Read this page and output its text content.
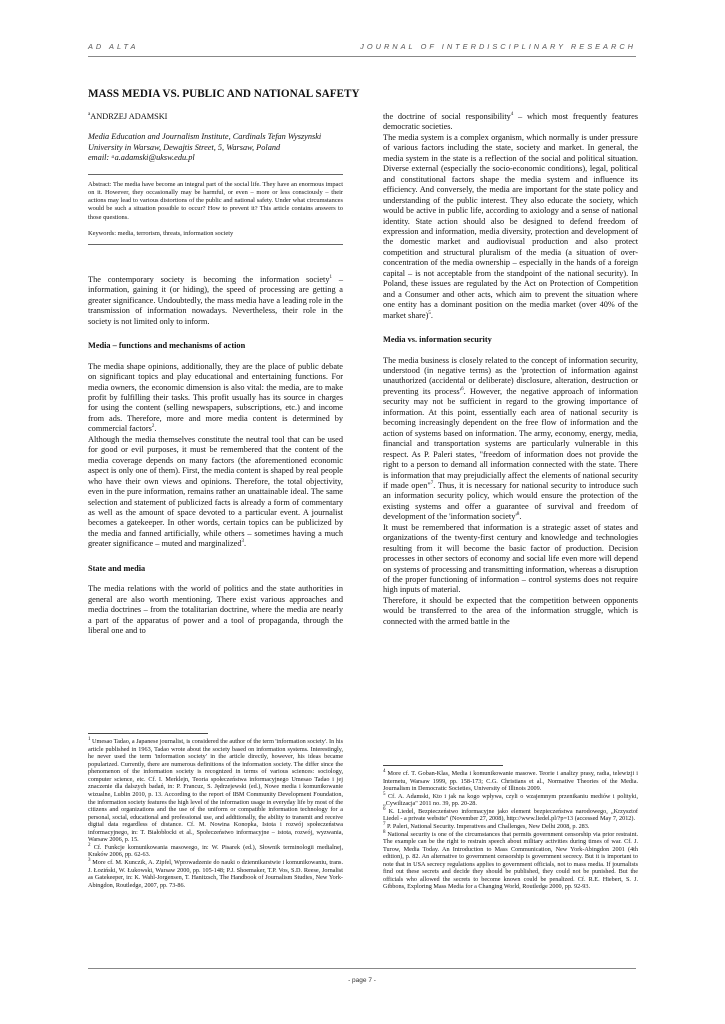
AD ALTA	JOURNAL OF INTERDISCIPLINARY RESEARCH
MASS MEDIA VS. PUBLIC AND NATIONAL SAFETY
$^a$ANDRZEJ ADAMSKI
Media Education and Journalism Institute, Cardinals Tefan Wyszynski University in Warsaw, Dewajtis Street, 5, Warsaw, Poland
email: ᵃa.adamski@uksw.edu.pl

Abstract: The media have become an integral part of the social life. They have an enormous impact on it. However, they occasionally may be harmful, or even – more or less consciously – their actions may lead to various distortions of the public and national safety. Under what circumstances would be such a situation possible to occur? How to prevent it? This article contains answers to those questions.

Keywords: media, terrorism, threats, information society

The contemporary society is becoming the information society$^1$ – information, gaining it (or hiding), the speed of processing are getting a greater significance. Undoubtedly, the mass media have a leading role in the transmission of information nowadays. Nevertheless, their role in the society is not limited only to inform.

Media – functions and mechanisms of action

The media shape opinions, additionally, they are the place of public debate on significant topics and play educational and entertaining functions. For media owners, the economic dimension is also vital: the media, are to make profit by fulfilling their tasks. This profit usually has its source in charges for using the content (selling newspapers, subscriptions, etc.) and income from ads. Therefore, more and more media content is determined by commercial factors$^2$.

Although the media themselves constitute the neutral tool that can be used for good or evil purposes, it must be remembered that the content of the media coverage depends on many factors (the aforementioned economic aspect is only one of them). First, the media content is shaped by real people who have their own views and opinions. Therefore, the total objectivity, even in the pure information, remains rather an unattainable ideal. The same selection and statement of publicized facts is already a form of commentary as well as the amount of space devoted to a particular event. A journalist becomes a gatekeeper. In other words, certain topics can be publicized by the media and fanned artificially, while others – sometimes having a much greater significance – muted and marginalized$^3$.

State and media

The media relations with the world of politics and the state authorities in general are also worth mentioning. There exist various approaches and media doctrines – from the totalitarian doctrine, where the media are nearly a part of the apparatus of power and a tool of propaganda, through the liberal one and to

the doctrine of social responsibility$^4$ – which most frequently features democratic societies.

The media system is a complex organism, which normally is under pressure of various factors including the state, society and market. In general, the media system in the state is a reflection of the social and political situation. Diverse external (especially the socio-economic conditions), legal, political and constitutional factors shape the media system and influence its efficiency. And conversely, the media are important for the state policy and understanding of the public interest. They also educate the society, which would be active in public life, according to axiology and a sense of national identity. State action should also be designed to defend freedom of expression and information, media diversity, protection and development of the domestic market and audiovisual production and also protect competition and structural pluralism of the media (a situation of over-concentration of the media ownership – especially in the hands of a foreign capital – is not acceptable from the standpoint of the national security). In Poland, these issues are regulated by the Act on Protection of Competition and a Consumer and other acts, which aim to prevent the situation where one entity has a dominant position on the media market (over 40% of the market share)$^5$.

Media vs. information security

The media business is closely related to the concept of information security, understood (in negative terms) as the 'protection of information against unauthorized (accidental or deliberate) disclosure, alteration, destruction or preventing its $process'^6$. However, the negative approach of information security may not be sufficient in regard to the growing importance of information. At this point, essentially each area of national security is becoming increasingly dependent on the free flow of information and the action of systems based on information. The army, economy, energy, media, financial and transportation systems are particularly vulnerable in this respect. As P. Paleri states, "freedom of information does not provide the right to a person to demand all information connected with the state. There is information that may prejudicially affect the elements of national security if made open"$^7$. Thus, it is necessary for national security to introduce such an information security policy, which would ensure the protection of the existing systems and offer a guarantee of survival and freedom of development of the 'information $society'^8$.

It must be remembered that information is a strategic asset of states and organizations of the twenty-first century and knowledge and technologies resulting from it will become the basic factor of production. Decision processes in other sectors of economy and social life even more will depend on systems of processing and transmitting information, whereas a disruption of the proper functioning of information – control systems does not require high inputs of material.

Therefore, it should be expected that the competition between opponents would be transferred to the area of the information struggle, which is connected with the armed battle in the

$^1$ Umesao Tadao, a Japanese journalist, is considered the author of the term 'information society'. In his article published in 1963, Tadao wrote about the society based on information systems. Interestingly, he never used the term 'information society' in the article directly, however, his ideas became popularized. Currently, there are numerous definitions of the information society. The differ since the phenomenon of the information society is recognized in terms of various sciences: sociology, computer science, etc. Cf. I. Merklejn, Teoria społeczeństwa informacyjnego Umesao Tadao i jej znaczenie dla dalszych badań, in: P. Francuz, S. Jędrzejewski (ed.), Nowe media i komunikowanie wizualne, Lublin 2010, p. 13. According to the report of IBM Community Development Foundation, the information society features the high level of the information usage in everyday life by most of the citizens and organizations and the use of the uniform or compatible information technology for a personal, social, educational and professional use, and additionally, the ability to transmit and receive digital data regardless of distance. Cf. M. Nowina Konopka, Istota i rozwój społeczeństwa informacyjnego, in: T. Białobłocki et al., Społeczeństwo informacyjne – istota, rozwój, wyzwania, Warsaw 2006, p. 15.

$^2$ Cf. Funkcje komunikowania masowego, in: W. Pisarek (ed.), Słownik terminologii medialnej, Kraków 2006, pp. 62-63.

$^3$ More cf. M. Kunczik, A. Zipfel, Wprowadzenie do nauki o dziennikarstwie i komunikowaniu, trans. J. Łoziński, W. Łukowski, Warsaw 2000, pp. 105-148; P.J. Shoemaker, T.P. Vos, S.D. Reese, Jornalist as Gatekeeper, in: K. Wahl-Jorgensen, T. Hanitzsch, The Handbook of Journalism Studies, New York-Abingdon, Routledge, 2007, pp. 73-86.

$^4$ More cf. T. Goban-Klas, Media i komunikowanie masowe. Teorie i analizy prasy, radia, telewizji i Internetu, Warsaw 1999, pp. 158-173; C.G. Christians et al., Normative Theories of the Media. Journalism in Democratic Societies, University of Illinois 2009.

$^5$ Cf. A. Adamski, Kto i jak na kogo wpływa, czyli o wzajemnym przenikaniu mediów i polityki, „Cywilizacja" 2011 no. 39, pp. 20-28.

$^6$ K. Liedel, Bezpieczeństwo informacyjne jako element bezpieczeństwa narodowego, „Krzysztof Liedel - a private website" (November 27, 2008), http://www.liedel.pl/?p=13 (accessed May 7, 2012).

$^7$ P. Paleri, National Security. Imperatives and Challenges, New Delhi 2008, p. 283.

$^8$ National security is one of the circumstances that permits government censorship via prior restraint. The example can be the right to restrain speech about military activities during times of war. Cf. J. Turow, Media Today. An Introduction to Mass Communication, New York-Abingdon 2001 (4th edition), p. 82. An alternative to government censorship is government secrecy. But it is important to note that in USA secrecy regulations applies to government officials, not to mass media. If journalists find out these secrets and decide they should be published, they could not be punished. But the officials who allowed the secrets to become known could be penalized. Cf. R.E. Hiebert, S. J. Gibbons, Exploring Mass Media for a Changing World, Routledge 2000, pp. 92-93.

- page 7 -
